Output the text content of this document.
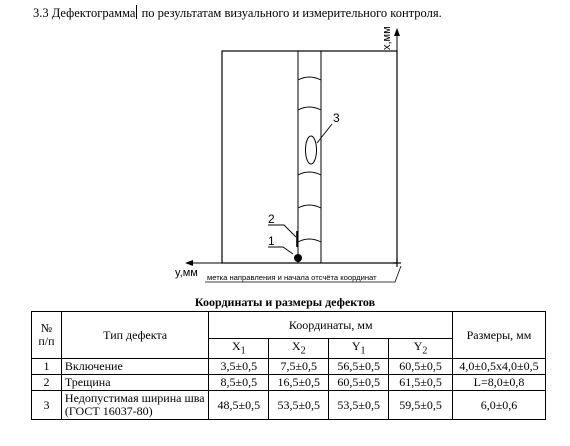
3.3 Дефектограмма по результатам визуального и измерительного контроля.
3
2
1
x,мм
y,мм метка направления и начала отсчёта координат
Координаты и размеры дефектов
№ п/п	Тип дефекта	Координаты, мм				Размеры, мм
		$X_1$	$X_2$	$Y_1$	$Y_2$
1	Включение	3,5±0,5	7,5±0,5	56,5±0,5	60,5±0,5	4,0±0,5x4,0±0,5
2	Трещина	8,5±0,5	16,5±0,5	60,5±0,5	61,5±0,5	L=8,0±0,8
3	Недопустимая ширина шва (ГОСТ 16037-80)	48,5±0,5	53,5±0,5	53,5±0,5	59,5±0,5	6,0±0,6
